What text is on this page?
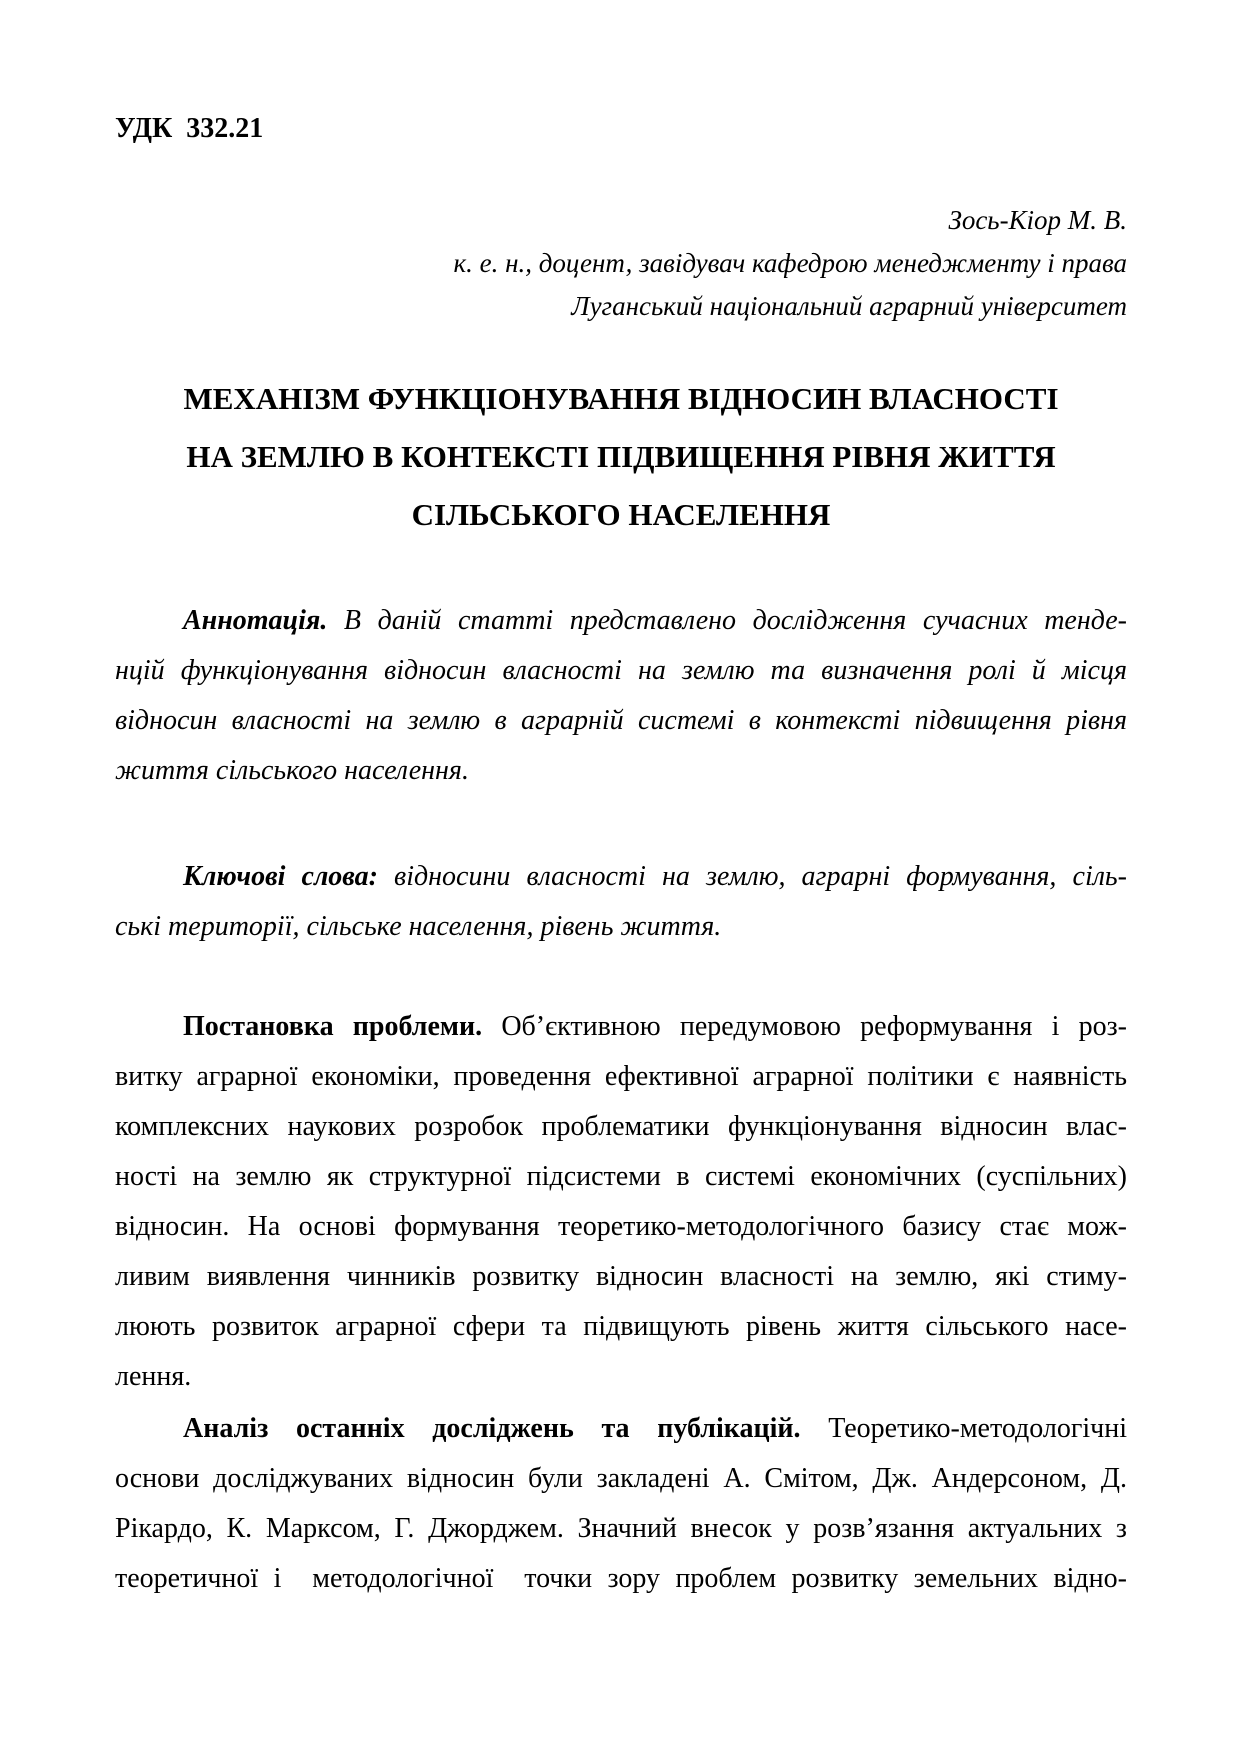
УДК  332.21
Зось-Кіор М. В.
к. е. н., доцент, завідувач кафедрою менеджменту і права
Луганський національний аграрний університет
МЕХАНІЗМ ФУНКЦІОНУВАННЯ ВІДНОСИН ВЛАСНОСТІ
НА ЗЕМЛЮ В КОНТЕКСТІ ПІДВИЩЕННЯ РІВНЯ ЖИТТЯ
СІЛЬСЬКОГО НАСЕЛЕННЯ
Аннотація. В даній статті представлено дослідження сучасних тенде-
нцій функціонування відносин власності на землю та визначення ролі й місця
відносин власності на землю в аграрній системі в контексті підвищення рівня
життя сільського населення.
Ключові слова: відносини власності на землю, аграрні формування, сіль-
ські території, сільське населення, рівень життя.
Постановка проблеми. Об’єктивною передумовою реформування і роз-
витку аграрної економіки, проведення ефективної аграрної політики є наявність
комплексних наукових розробок проблематики функціонування відносин влас-
ності на землю як структурної підсистеми в системі економічних (суспільних)
відносин. На основі формування теоретико-методологічного базису стає мож-
ливим виявлення чинників розвитку відносин власності на землю, які стиму-
люють розвиток аграрної сфери та підвищують рівень життя сільського насе-
лення.
Аналіз останніх досліджень та публікацій. Теоретико-методологічні
основи досліджуваних відносин були закладені А. Смітом, Дж. Андерсоном, Д.
Рікардо, К. Марксом, Г. Джорджем. Значний внесок у розв’язання актуальних з
теоретичної і  методологічної  точки зору проблем розвитку земельних відно-
